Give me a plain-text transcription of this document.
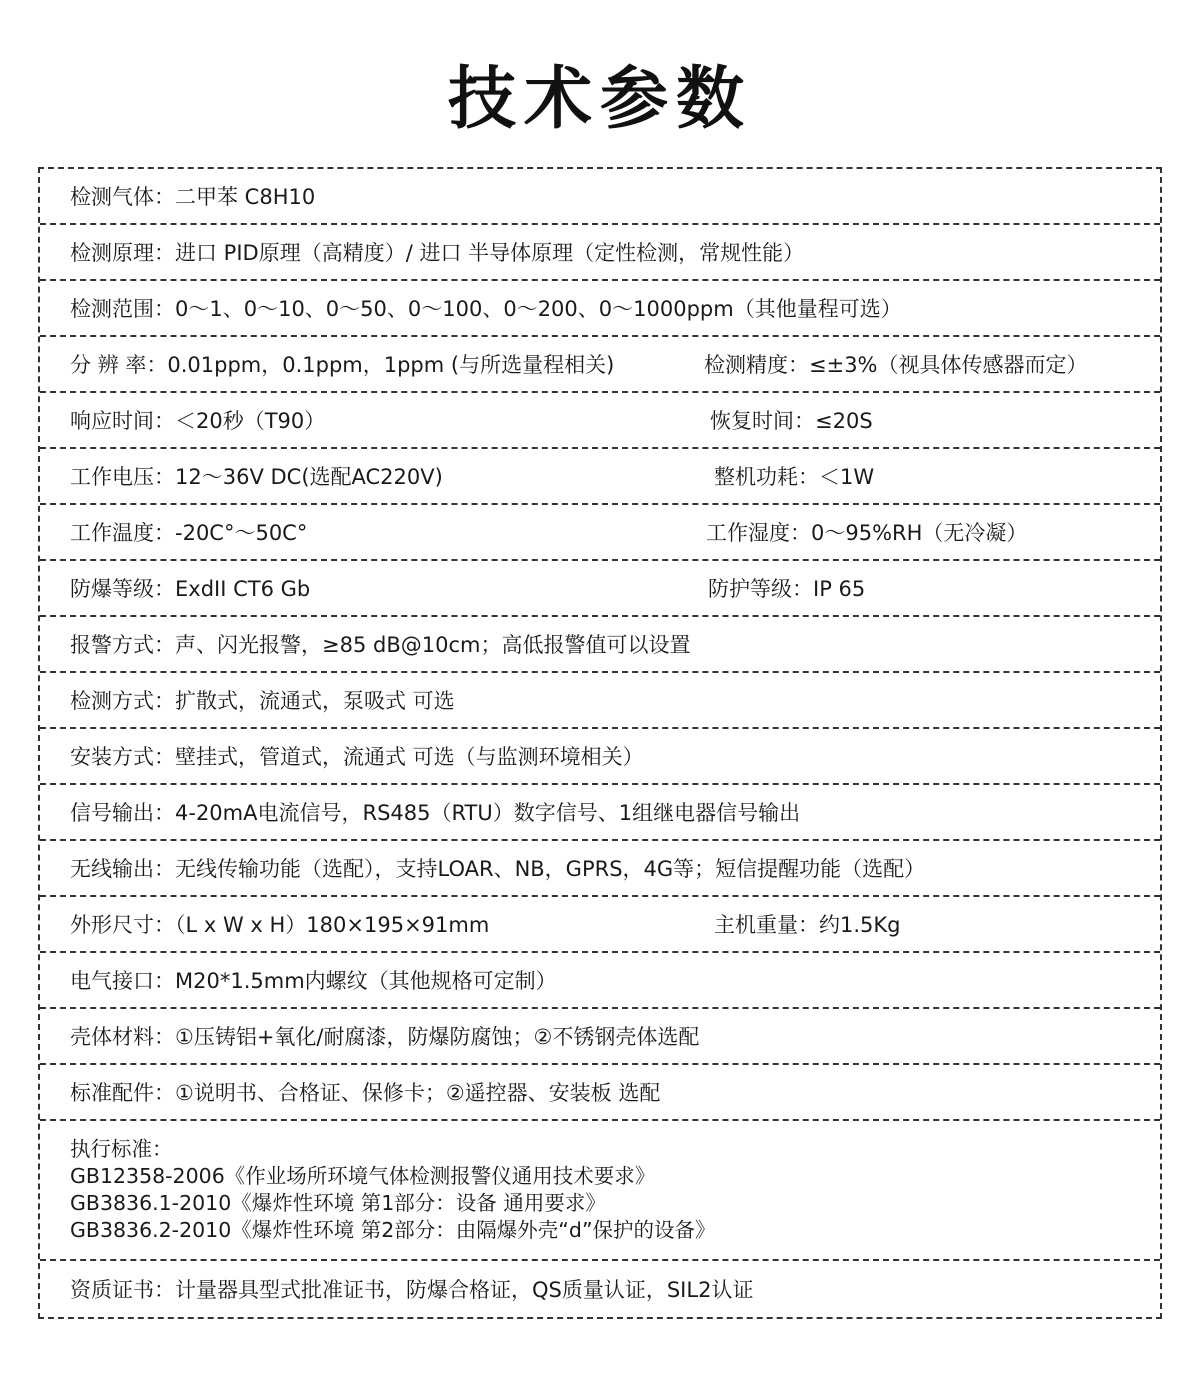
技术参数
检测气体：二甲苯 C8H10
检测原理：进口 PID原理（高精度）/ 进口 半导体原理（定性检测，常规性能）
检测范围：0～1、0～10、0～50、0～100、0～200、0～1000ppm（其他量程可选）
分 辨 率：0.01ppm，0.1ppm，1ppm (与所选量程相关)	检测精度：≤±3%（视具体传感器而定）
响应时间：＜20秒（T90）	恢复时间：≤20S
工作电压：12～36V DC(选配AC220V)	整机功耗：＜1W
工作温度：-20C°～50C°	工作湿度：0～95%RH（无冷凝）
防爆等级：ExdII CT6 Gb	防护等级：IP 65
报警方式：声、闪光报警，≥85 dB@10cm；高低报警值可以设置
检测方式：扩散式，流通式，泵吸式 可选
安装方式：壁挂式，管道式，流通式 可选（与监测环境相关）
信号输出：4-20mA电流信号，RS485（RTU）数字信号、1组继电器信号输出
无线输出：无线传输功能（选配），支持LOAR、NB，GPRS，4G等；短信提醒功能（选配）
外形尺寸：（L x W x H）180×195×91mm	主机重量：约1.5Kg
电气接口：M20*1.5mm内螺纹（其他规格可定制）
壳体材料：①压铸铝+氧化/耐腐漆，防爆防腐蚀；②不锈钢壳体选配
标准配件：①说明书、合格证、保修卡；②遥控器、安装板 选配
执行标准：
GB12358-2006《作业场所环境气体检测报警仪通用技术要求》
GB3836.1-2010《爆炸性环境 第1部分：设备 通用要求》
GB3836.2-2010《爆炸性环境 第2部分：由隔爆外壳“d”保护的设备》
资质证书：计量器具型式批准证书，防爆合格证，QS质量认证，SIL2认证
